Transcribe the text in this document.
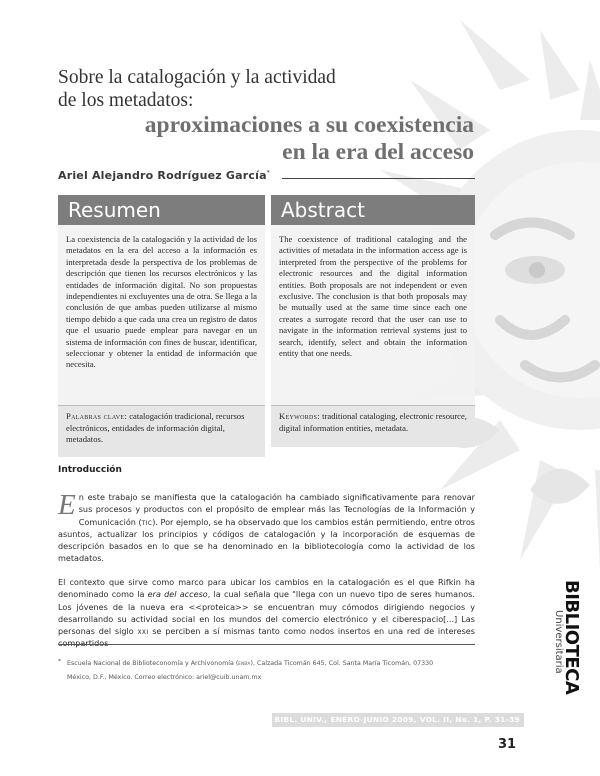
Sobre la catalogación y la actividad
de los metadatos:
aproximaciones a su coexistencia
en la era del acceso
Ariel Alejandro Rodríguez García*
Resumen	Abstract
La coexistencia de la catalogación y la actividad de los metadatos en la era del acceso a la información es interpretada desde la perspectiva de los problemas de descripción que tienen los recursos electrónicos y las entidades de información digital. No son propuestas independientes ni excluyentes una de otra. Se llega a la conclusión de que ambas pueden utilizarse al mismo tiempo debido a que cada una crea un registro de datos que el usuario puede emplear para navegar en un sistema de información con fines de buscar, identificar, seleccionar y obtener la entidad de información que necesita.
The coexistence of traditional cataloging and the activities of metadata in the information access age is interpreted from the perspective of the problems for electronic resources and the digital information entities. Both proposals are not independent or even exclusive. The conclusion is that both proposals may be mutually used at the same time since each one creates a surrogate record that the user can use to navigate in the information retrieval systems just to search, identify, select and obtain the information entity that one needs.
Palabras clave: catalogación tradicional, recursos electrónicos, entidades de información digital, metadatos.
Keywords: traditional cataloging, electronic resource, digital information entities, metadata.
Introducción
En este trabajo se manifiesta que la catalogación ha cambiado significativamente para renovar sus procesos y productos con el propósito de emplear más las Tecnologías de la Información y Comunicación (tic). Por ejemplo, se ha observado que los cambios están permitiendo, entre otros asuntos, actualizar los principios y códigos de catalogación y la incorporación de esquemas de descripción basados en lo que se ha denominado en la bibliotecología como la actividad de los metadatos.
El contexto que sirve como marco para ubicar los cambios en la catalogación es el que Rifkin ha denominado como la era del acceso, la cual señala que "llega con un nuevo tipo de seres humanos. Los jóvenes de la nueva era <<proteica>> se encuentran muy cómodos dirigiendo negocios y desarrollando su actividad social en los mundos del comercio electrónico y el ciberespacio[...] Las personas del siglo xxi se perciben a sí mismas tanto como nodos insertos en una red de intereses
* Escuela Nacional de Biblioteconomía y Archivonomía (enba), Calzada Ticomán 645, Col. Santa María Ticomán, 07330
México, D.F., México. Correo electrónico: ariel@cuib.unam.mx
BIBL. UNIV., ENERO-JUNIO 2009, VOL. II, No. 1, P. 31-39
31
BIBLIOTECA
Universitaria
